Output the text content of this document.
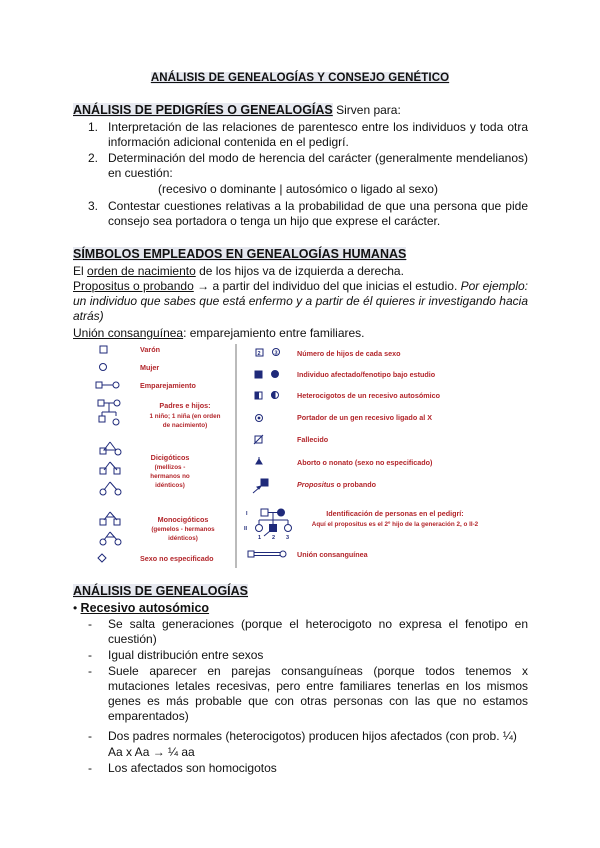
ANÁLISIS DE GENEALOGÍAS Y CONSEJO GENÉTICO
ANÁLISIS DE PEDIGRÍES O GENEALOGÍAS Sirven para:
1. Interpretación de las relaciones de parentesco entre los individuos y toda otra información adicional contenida en el pedigrí.
2. Determinación del modo de herencia del carácter (generalmente mendelianos) en cuestión:
(recesivo o dominante | autosómico o ligado al sexo)
3. Contestar cuestiones relativas a la probabilidad de que una persona que pide consejo sea portadora o tenga un hijo que exprese el carácter.
SÍMBOLOS EMPLEADOS EN GENEALOGÍAS HUMANAS
El orden de nacimiento de los hijos va de izquierda a derecha.
Propositus o probando → a partir del individuo del que inicias el estudio. Por ejemplo: un individuo que sabes que está enfermo y a partir de él quieres ir investigando hacia atrás)
Unión consanguínea: emparejamiento entre familiares.
Varón
Mujer
Emparejamiento
Padres e hijos:
1 niño; 1 niña (en orden
de nacimiento)
Dicigóticos
(mellizos -
hermanos no
idénticos)
Monocigóticos
(gemelos - hermanos
idénticos)
Sexo no especificado
Número de hijos de cada sexo
Individuo afectado/fenotipo bajo estudio
Heterocigotos de un recesivo autosómico
Portador de un gen recesivo ligado al X
Fallecido
Aborto o nonato (sexo no especificado)
Propositus o probando
Identificación de personas en el pedigrí:
Aquí el propositus es el 2º hijo de la generación 2, o II-2
Unión consanguínea
2	3
I
II
1 2 3
ANÁLISIS DE GENEALOGÍAS
• Recesivo autosómico
- Se salta generaciones (porque el heterocigoto no expresa el fenotipo en cuestión)
- Igual distribución entre sexos
- Suele aparecer en parejas consanguíneas (porque todos tenemos x mutaciones letales recesivas, pero entre familiares tenerlas en los mismos genes es más probable que con otras personas con las que no estamos emparentados)
- Dos padres normales (heterocigotos) producen hijos afectados (con prob. ¼)
Aa x Aa → ¼ aa
- Los afectados son homocigotos
